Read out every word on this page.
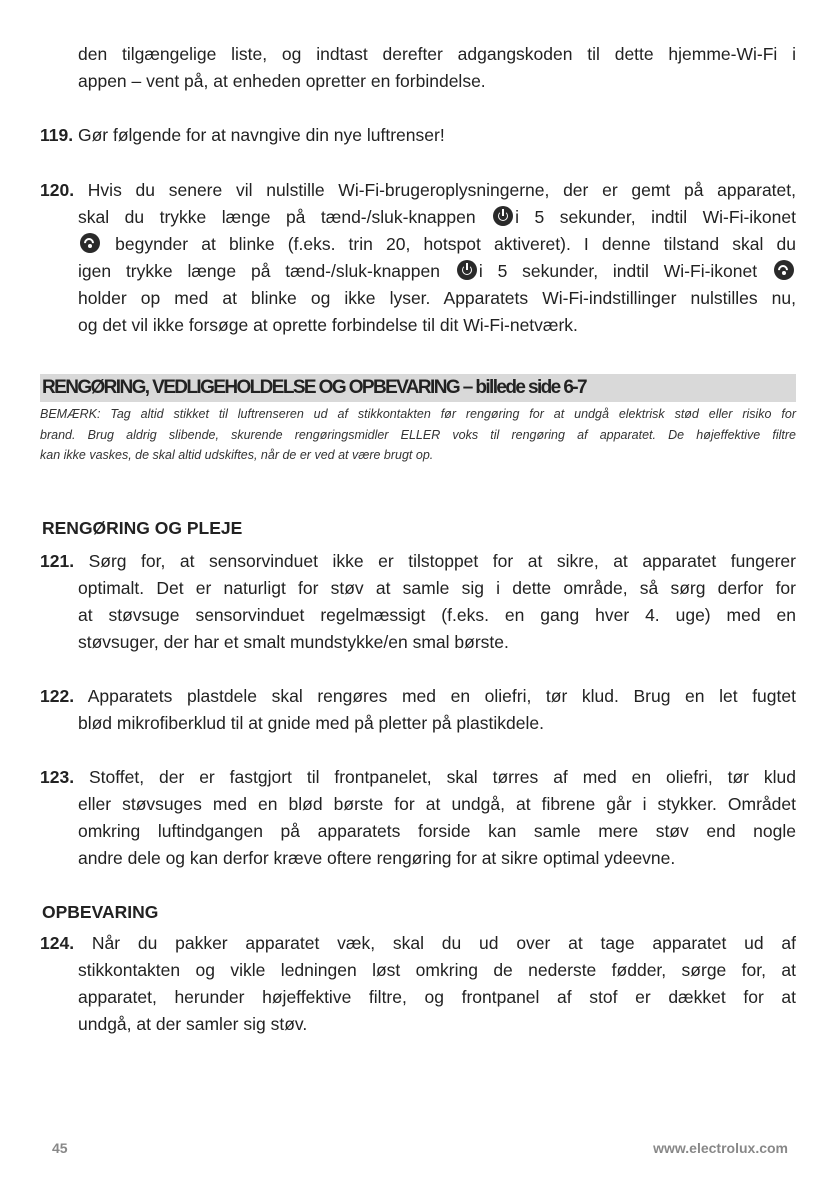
den tilgængelige liste, og indtast derefter adgangskoden til dette hjemme-Wi-Fi i
appen – vent på, at enheden opretter en forbindelse.
119. Gør følgende for at navngive din nye luftrenser!
120. Hvis du senere vil nulstille Wi-Fi-brugeroplysningerne, der er gemt på apparatet,
skal du trykke længe på tænd-/sluk-knappen i 5 sekunder, indtil Wi-Fi-ikonet
begynder at blinke (f.eks. trin 20, hotspot aktiveret). I denne tilstand skal du
igen trykke længe på tænd-/sluk-knappen i 5 sekunder, indtil Wi-Fi-ikonet
holder op med at blinke og ikke lyser. Apparatets Wi-Fi-indstillinger nulstilles nu,
og det vil ikke forsøge at oprette forbindelse til dit Wi-Fi-netværk.
RENGØRING, VEDLIGEHOLDELSE OG OPBEVARING – billede side 6-7
BEMÆRK: Tag altid stikket til luftrenseren ud af stikkontakten før rengøring for at undgå elektrisk stød eller risiko for
brand. Brug aldrig slibende, skurende rengøringsmidler ELLER voks til rengøring af apparatet. De højeffektive filtre
kan ikke vaskes, de skal altid udskiftes, når de er ved at være brugt op.
RENGØRING OG PLEJE
121. Sørg for, at sensorvinduet ikke er tilstoppet for at sikre, at apparatet fungerer
optimalt. Det er naturligt for støv at samle sig i dette område, så sørg derfor for
at støvsuge sensorvinduet regelmæssigt (f.eks. en gang hver 4. uge) med en
støvsuger, der har et smalt mundstykke/en smal børste.
122. Apparatets plastdele skal rengøres med en oliefri, tør klud. Brug en let fugtet
blød mikrofiberklud til at gnide med på pletter på plastikdele.
123. Stoffet, der er fastgjort til frontpanelet, skal tørres af med en oliefri, tør klud
eller støvsuges med en blød børste for at undgå, at fibrene går i stykker. Området
omkring luftindgangen på apparatets forside kan samle mere støv end nogle
andre dele og kan derfor kræve oftere rengøring for at sikre optimal ydeevne.
OPBEVARING
124. Når du pakker apparatet væk, skal du ud over at tage apparatet ud af
stikkontakten og vikle ledningen løst omkring de nederste fødder, sørge for, at
apparatet, herunder højeffektive filtre, og frontpanel af stof er dækket for at
undgå, at der samler sig støv.
45	www.electrolux.com
